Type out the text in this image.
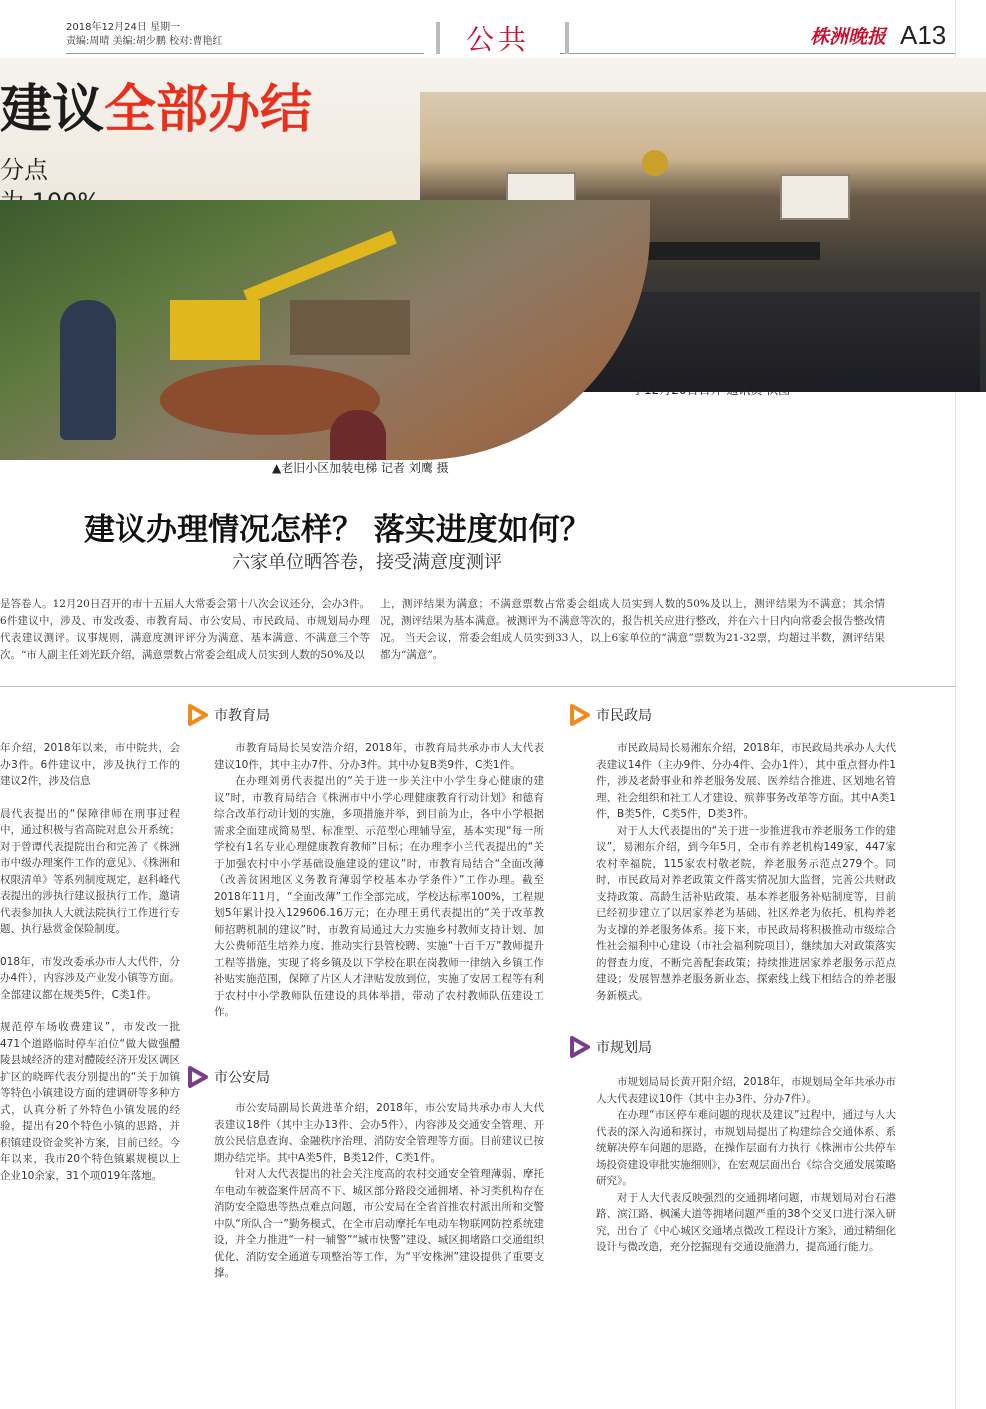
2018年12月24日 星期一
责编:周晴 美编:胡少鹏 校对:曹艳红	公共	株洲晚报 A13
建议全部办结
分点
▲市十五届人大常委会第十八次会议
于12月20日召开 通讯员 供图
▲老旧小区加装电梯 记者 刘鹰 摄
建议办理情况怎样？ 落实进度如何？
六家单位晒答卷，接受满意度测评
是答卷人。12月20日召开的市十五届人大常委会第十八次会议还分，会办3件。6件建议中，涉及、市发改委、市教育局、市公安局、市民政局、市规划局办理代表建议测评。议事规则，满意度测评评分为满意、基本满意、不满意三个等次。“市人副主任刘光跃介绍，满意票数占常委会组成人员实到人数的50%及以
上，测评结果为满意；不满意票数占常委会组成人员实到人数的50%及以上，测评结果为不满意；其余情况，测评结果为基本满意。被测评为不满意等次的，报告机关应进行整改，并在六十日内向常委会报告整改情况。 当天会议，常委会组成人员实到33人，以上6家单位的“满意”票数为21-32票，均超过半数，测评结果都为“满意”。

年介绍，2018年以来，市中院共，会办3件。6件建议中，涉及执行工作的建议2件，涉及信息

晨代表提出的“保障律师在刑事过程中，通过积极与省高院对息公开系统；对于曾谭代表提院出台和完善了《株洲市中级办理案件工作的意见》、《株洲和权限清单》等系列制度规定，赵科峰代表提出的涉执行建议报执行工作，邀请代表参加执人大就法院执行工作进行专题、执行悬赏金保险制度。

018年，市发改委承办市人大代件，分办4件），内容涉及产业发小镇等方面。全部建议都在规类5件，C类1件。

规范停车场收费建议”，市发改一批471个道路临时停车泊位“做大做强醴陵县域经济的建对醴陵经济开发区调区扩区的晓晖代表分别提出的“关于加镇等特色小镇建设方面的建调研等多种方式，认真分析了外特色小镇发展的经验，提出有20个特色小镇的思路，并积镇建设资金奖补方案，目前已经。今年以来，我市20个特色镇累规模以上企业10余家，31个项019年落地。

市教育局

市教育局局长吴安浩介绍，2018年，市教育局共承办市人大代表建议10件，其中主办7件、分办3件。其中办复B类9件，C类1件。

在办理刘勇代表提出的“关于进一步关注中小学生身心健康的建议”时，市教育局结合《株洲市中小学心理健康教育行动计划》和德育综合改革行动计划的实施，多项措施并举，到目前为止，各中小学根据需求全面建成简易型、标准型、示范型心理辅导室，基本实现“每一所学校有1名专业心理健康教育教师”目标；在办理李小兰代表提出的“关于加强农村中小学基础设施建设的建议”时，市教育局结合“全面改薄（改善贫困地区义务教育薄弱学校基本办学条件）”工作办理。截至2018年11月，“全面改薄”工作全部完成，学校达标率100%，工程规划5年累计投入129606.16万元；在办理王勇代表提出的“关于改革教师招聘机制的建议”时，市教育局通过大力实施乡村教师支持计划、加大公费师范生培养力度、推动实行县管校聘、实施“十百千万”教师提升工程等措施，实现了将乡镇及以下学校在职在岗教师一律纳入乡镇工作补贴实施范围，保障了片区人才津贴发放到位，实施了安居工程等有利于农村中小学教师队伍建设的具体举措，带动了农村教师队伍建设工作。

市公安局

市公安局副局长黄进革介绍，2018年，市公安局共承办市人大代表建议18件（其中主办13件、会办5件），内容涉及交通安全管理、开放公民信息查询、金融秩序治理、消防安全管理等方面。目前建议已按期办结完毕。其中A类5件，B类12件，C类1件。

针对人大代表提出的社会关注度高的农村交通安全管理薄弱、摩托车电动车被盗案件居高不下、城区部分路段交通拥堵、补习类机构存在消防安全隐患等热点难点问题，市公安局在全省首推农村派出所和交警中队“所队合一”勤务模式，在全市启动摩托车电动车物联网防控系统建设，并全力推进“一村一辅警”“城市快警”建设、城区拥堵路口交通组织优化、消防安全通道专项整治等工作，为“平安株洲”建设提供了重要支撑。

市民政局

市民政局局长易湘东介绍，2018年，市民政局共承办人大代表建议14件（主办9件、分办4件、会办1件），其中重点督办件1件，涉及老龄事业和养老服务发展、医养结合推进、区划地名管理、社会组织和社工人才建设、殡葬事务改革等方面。其中A类1件，B类5件，C类5件，D类3件。

对于人大代表提出的“关于进一步推进我市养老服务工作的建议”，易湘东介绍，到今年5月，全市有养老机构149家，447家农村幸福院，115家农村敬老院，养老服务示范点279个。同时，市民政局对养老政策文件落实情况加大监督，完善公共财政支持政策、高龄生活补贴政策、基本养老服务补贴制度等，目前已经初步建立了以居家养老为基础、社区养老为依托、机构养老为支撑的养老服务体系。接下来，市民政局将积极推动市级综合性社会福利中心建设（市社会福利院项目），继续加大对政策落实的督查力度，不断完善配套政策；持续推进居家养老服务示范点建设；发展智慧养老服务新业态，探索线上线下相结合的养老服务新模式。

市规划局

市规划局局长黄开阳介绍，2018年，市规划局全年共承办市人大代表建议10件（其中主办3件、分办7件）。

在办理“市区停车难问题的现状及建议”过程中，通过与人大代表的深入沟通和探讨，市规划局提出了构建综合交通体系、系统解决停车问题的思路，在操作层面有力执行《株洲市公共停车场投资建设审批实施细则》，在宏观层面出台《综合交通发展策略研究》。

对于人大代表反映强烈的交通拥堵问题，市规划局对台石港路、滨江路、枫溪大道等拥堵问题严重的38个交叉口进行深入研究，出台了《中心城区交通堵点微改工程设计方案》，通过精细化设计与微改造，充分挖掘现有交通设施潜力，提高通行能力。
